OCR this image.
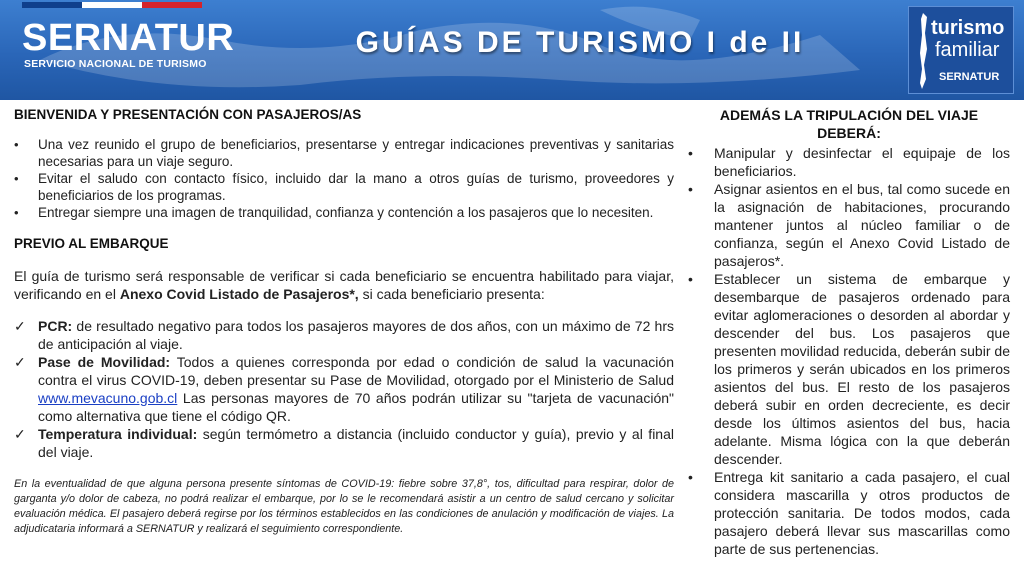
SERNATUR
SERVICIO NACIONAL DE TURISMO
GUÍAS DE TURISMO I de II	turismo
familiar
SERNATUR
BIENVENIDA Y PRESENTACIÓN CON PASAJEROS/AS
• Una vez reunido el grupo de beneficiarios, presentarse y entregar indicaciones preventivas y sanitarias necesarias para un viaje seguro.
• Evitar el saludo con contacto físico, incluido dar la mano a otros guías de turismo, proveedores y beneficiarios de los programas.
• Entregar siempre una imagen de tranquilidad, confianza y contención a los pasajeros que lo necesiten.
PREVIO AL EMBARQUE

El guía de turismo será responsable de verificar si cada beneficiario se encuentra habilitado para viajar, verificando en el Anexo Covid Listado de Pasajeros*, si cada beneficiario presenta:

✓ PCR: de resultado negativo para todos los pasajeros mayores de dos años, con un máximo de 72 hrs de anticipación al viaje.
✓ Pase de Movilidad: Todos a quienes corresponda por edad o condición de salud la vacunación contra el virus COVID-19, deben presentar su Pase de Movilidad, otorgado por el Ministerio de Salud www.mevacuno.gob.cl Las personas mayores de 70 años podrán utilizar su "tarjeta de vacunación" como alternativa que tiene el código QR.
✓ Temperatura individual: según termómetro a distancia (incluido conductor y guía), previo y al final del viaje.

En la eventualidad de que alguna persona presente síntomas de COVID-19: fiebre sobre 37,8°, tos, dificultad para respirar, dolor de garganta y/o dolor de cabeza, no podrá realizar el embarque, por lo se le recomendará asistir a un centro de salud cercano y solicitar evaluación médica. El pasajero deberá regirse por los términos establecidos en las condiciones de anulación y modificación de viajes. La adjudicataria informará a SERNATUR y realizará el seguimiento correspondiente.

ADEMÁS LA TRIPULACIÓN DEL VIAJE DEBERÁ:
• Manipular y desinfectar el equipaje de los beneficiarios.
• Asignar asientos en el bus, tal como sucede en la asignación de habitaciones, procurando mantener juntos al núcleo familiar o de confianza, según el Anexo Covid Listado de pasajeros*.
• Establecer un sistema de embarque y desembarque de pasajeros ordenado para evitar aglomeraciones o desorden al abordar y descender del bus. Los pasajeros que presenten movilidad reducida, deberán subir de los primeros y serán ubicados en los primeros asientos del bus. El resto de los pasajeros deberá subir en orden decreciente, es decir desde los últimos asientos del bus, hacia adelante. Misma lógica con la que deberán descender.
• Entrega kit sanitario a cada pasajero, el cual considera mascarilla y otros productos de protección sanitaria. De todos modos, cada pasajero deberá llevar sus mascarillas como parte de sus pertenencias.
